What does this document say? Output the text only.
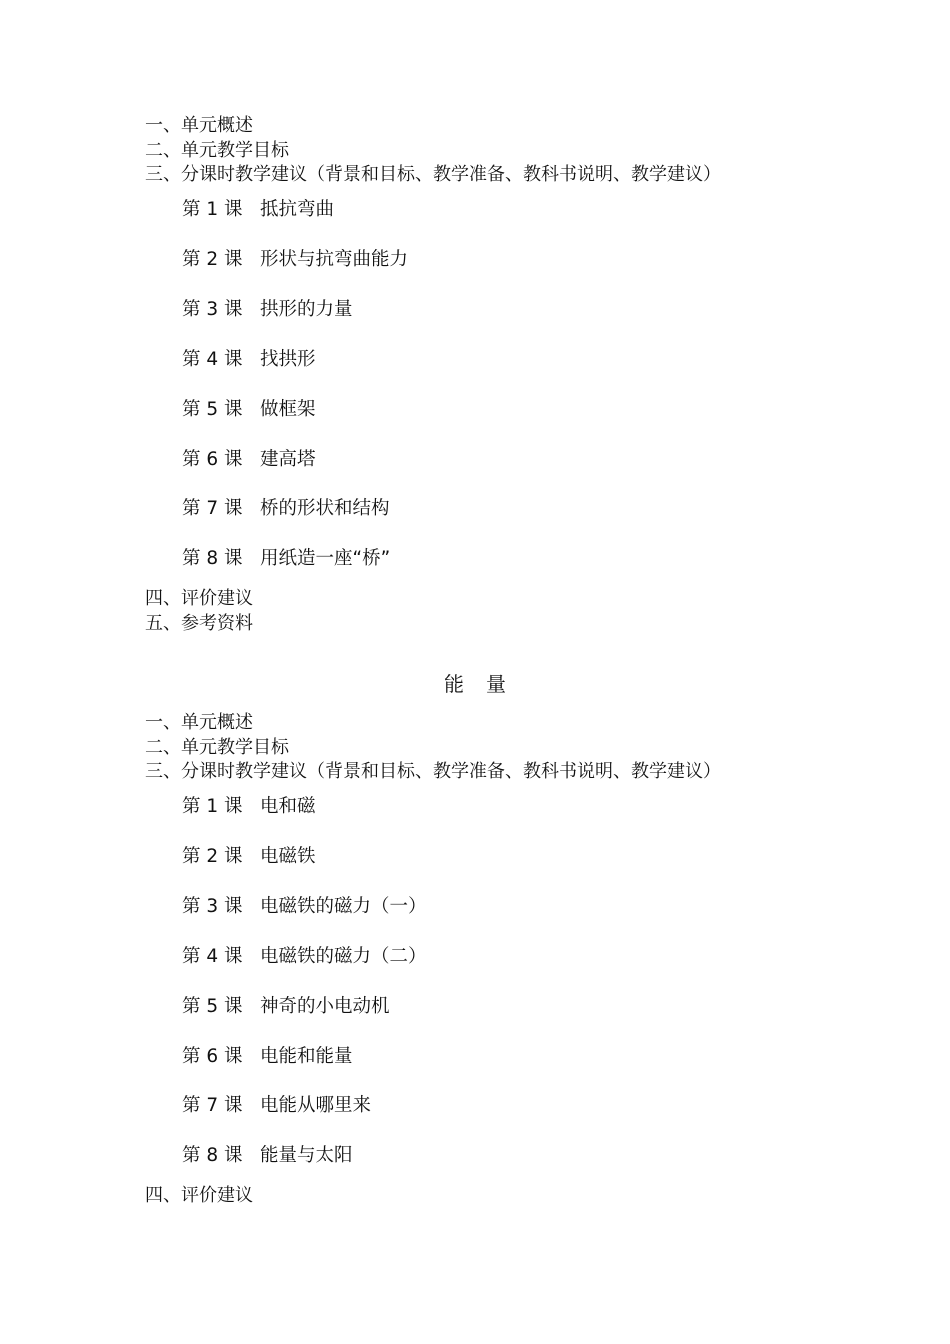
一、单元概述
二、单元教学目标
三、分课时教学建议（背景和目标、教学准备、教科书说明、教学建议）
第 1 课 抵抗弯曲
第 2 课 形状与抗弯曲能力
第 3 课 拱形的力量
第 4 课 找拱形
第 5 课 做框架
第 6 课 建高塔
第 7 课 桥的形状和结构
第 8 课 用纸造一座“桥”
四、评价建议
五、参考资料
能量
一、单元概述
二、单元教学目标
三、分课时教学建议（背景和目标、教学准备、教科书说明、教学建议）
第 1 课 电和磁
第 2 课 电磁铁
第 3 课 电磁铁的磁力（一）
第 4 课 电磁铁的磁力（二）
第 5 课 神奇的小电动机
第 6 课 电能和能量
第 7 课 电能从哪里来
第 8 课 能量与太阳
四、评价建议
